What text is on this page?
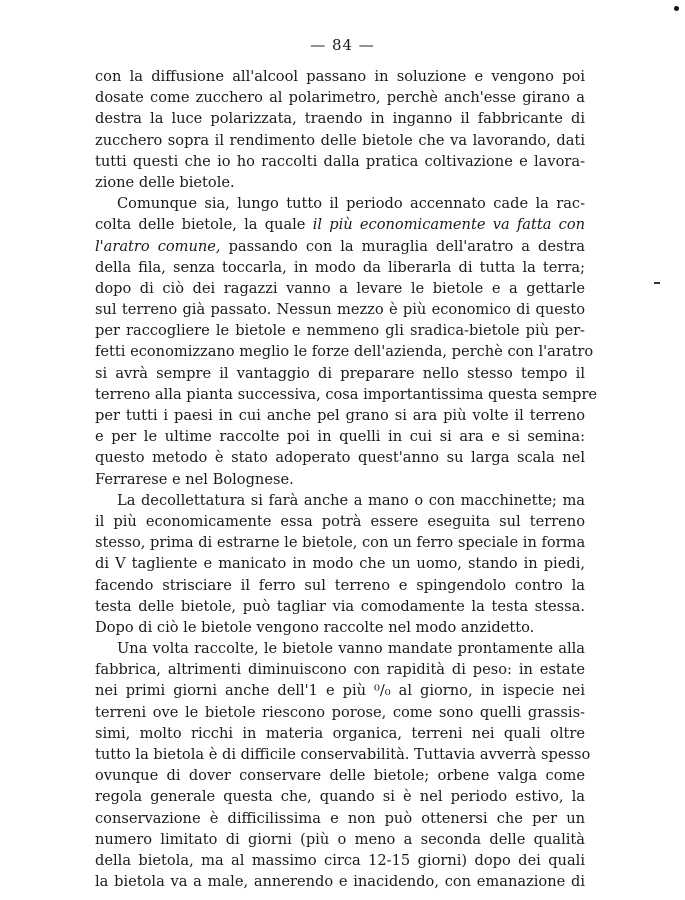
— 84 —
con la diffusione all'alcool passano in soluzione e vengono poi
dosate come zucchero al polarimetro, perchè anch'esse girano a
destra la luce polarizzata, traendo in inganno il fabbricante di
zucchero sopra il rendimento delle bietole che va lavorando, dati
tutti questi che io ho raccolti dalla pratica coltivazione e lavora-
zione delle bietole.
Comunque sia, lungo tutto il periodo accennato cade la rac-
colta delle bietole, la quale il più economicamente va fatta con
l'aratro comune, passando con la muraglia dell'aratro a destra
della fila, senza toccarla, in modo da liberarla di tutta la terra;
dopo di ciò dei ragazzi vanno a levare le bietole e a gettarle
sul terreno già passato. Nessun mezzo è più economico di questo
per raccogliere le bietole e nemmeno gli sradica-bietole più per-
fetti economizzano meglio le forze dell'azienda, perchè con l'aratro
si avrà sempre il vantaggio di preparare nello stesso tempo il
terreno alla pianta successiva, cosa importantissima questa sempre
per tutti i paesi in cui anche pel grano si ara più volte il terreno
e per le ultime raccolte poi in quelli in cui si ara e si semina:
questo metodo è stato adoperato quest'anno su larga scala nel
Ferrarese e nel Bolognese.
La decollettatura si farà anche a mano o con macchinette; ma
il più economicamente essa potrà essere eseguita sul terreno
stesso, prima di estrarne le bietole, con un ferro speciale in forma
di V tagliente e manicato in modo che un uomo, stando in piedi,
facendo strisciare il ferro sul terreno e spingendolo contro la
testa delle bietole, può tagliar via comodamente la testa stessa.
Dopo di ciò le bietole vengono raccolte nel modo anzidetto.
Una volta raccolte, le bietole vanno mandate prontamente alla
fabbrica, altrimenti diminuiscono con rapidità di peso: in estate
nei primi giorni anche dell'1 e più ⁰/₀ al giorno, in ispecie nei
terreni ove le bietole riescono porose, come sono quelli grassis-
simi, molto ricchi in materia organica, terreni nei quali oltre
tutto la bietola è di difficile conservabilità. Tuttavia avverrà spesso
ovunque di dover conservare delle bietole; orbene valga come
regola generale questa che, quando si è nel periodo estivo, la
conservazione è difficilissima e non può ottenersi che per un
numero limitato di giorni (più o meno a seconda delle qualità
della bietola, ma al massimo circa 12-15 giorni) dopo dei quali
la bietola va a male, annerendo e inacidendo, con emanazione di
